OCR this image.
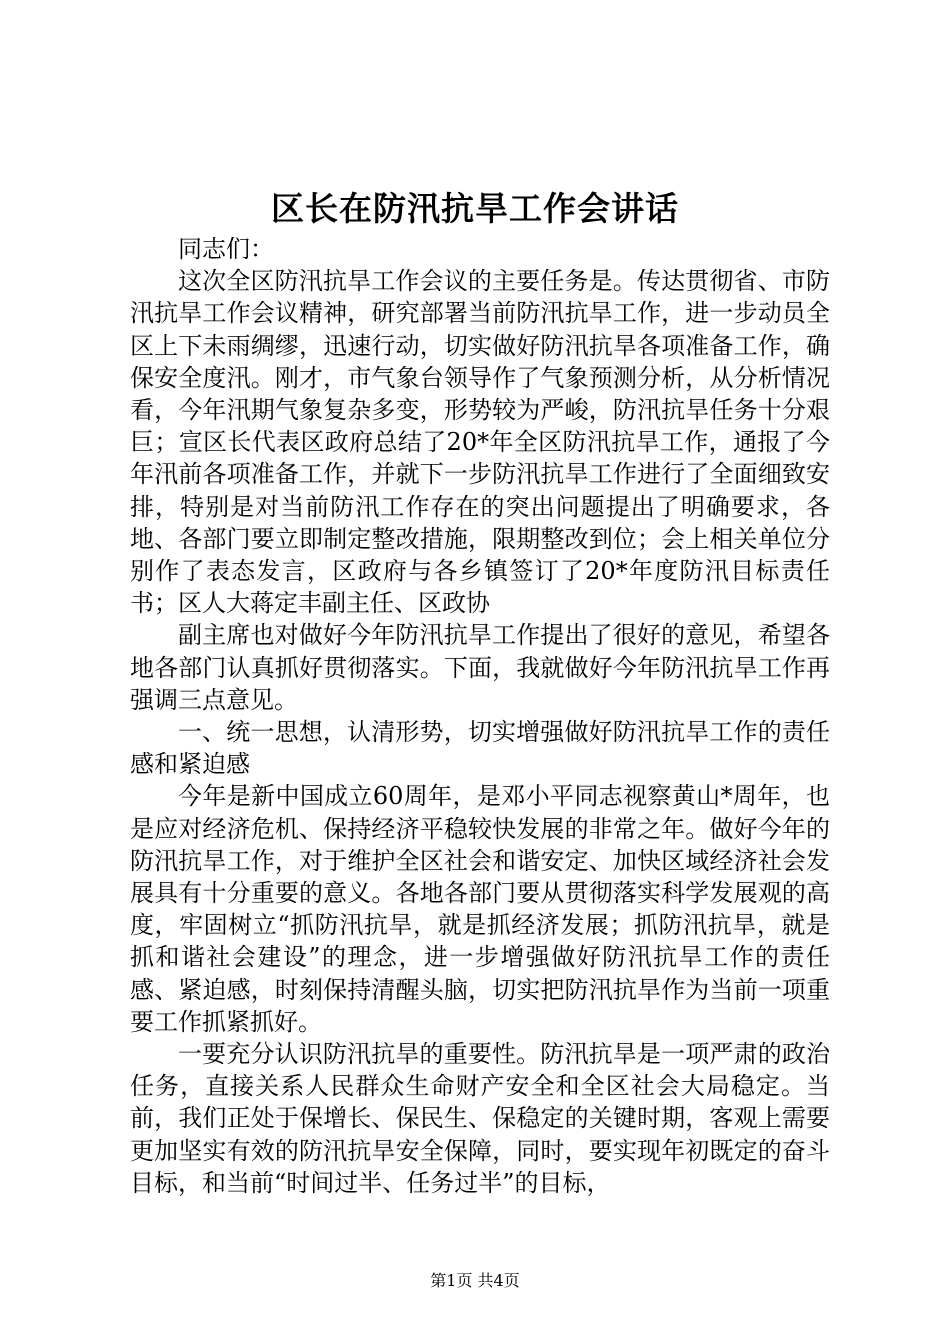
区长在防汛抗旱工作会讲话

同志们：

这次全区防汛抗旱工作会议的主要任务是。传达贯彻省、市防汛抗旱工作会议精神，研究部署当前防汛抗旱工作，进一步动员全区上下未雨绸缪，迅速行动，切实做好防汛抗旱各项准备工作，确保安全度汛。刚才，市气象台领导作了气象预测分析，从分析情况看，今年汛期气象复杂多变，形势较为严峻，防汛抗旱任务十分艰巨；宣区长代表区政府总结了20*年全区防汛抗旱工作，通报了今年汛前各项准备工作，并就下一步防汛抗旱工作进行了全面细致安排，特别是对当前防汛工作存在的突出问题提出了明确要求，各地、各部门要立即制定整改措施，限期整改到位；会上相关单位分别作了表态发言，区政府与各乡镇签订了20*年度防汛目标责任书；区人大蒋定丰副主任、区政协

副主席也对做好今年防汛抗旱工作提出了很好的意见，希望各地各部门认真抓好贯彻落实。下面，我就做好今年防汛抗旱工作再强调三点意见。

一、统一思想，认清形势，切实增强做好防汛抗旱工作的责任感和紧迫感

今年是新中国成立60周年，是邓小平同志视察黄山*周年，也是应对经济危机、保持经济平稳较快发展的非常之年。做好今年的防汛抗旱工作，对于维护全区社会和谐安定、加快区域经济社会发展具有十分重要的意义。各地各部门要从贯彻落实科学发展观的高度，牢固树立“抓防汛抗旱，就是抓经济发展；抓防汛抗旱，就是抓和谐社会建设”的理念，进一步增强做好防汛抗旱工作的责任感、紧迫感，时刻保持清醒头脑，切实把防汛抗旱作为当前一项重要工作抓紧抓好。

一要充分认识防汛抗旱的重要性。防汛抗旱是一项严肃的政治任务，直接关系人民群众生命财产安全和全区社会大局稳定。当前，我们正处于保增长、保民生、保稳定的关键时期，客观上需要更加坚实有效的防汛抗旱安全保障，同时，要实现年初既定的奋斗目标，和当前“时间过半、任务过半”的目标，

第1页 共4页
